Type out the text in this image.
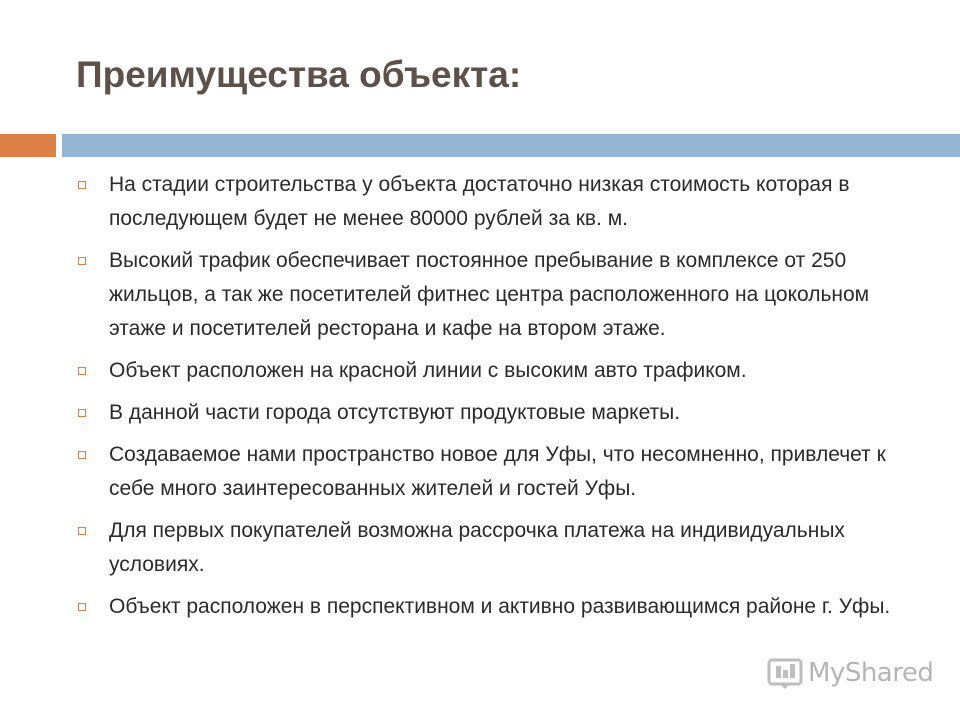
Преимущества объекта:
На стадии строительства у объекта достаточно низкая стоимость которая в последующем будет не менее 80000 рублей за кв. м.
Высокий трафик обеспечивает постоянное пребывание в комплексе от 250 жильцов, а так же посетителей фитнес центра расположенного на цокольном этаже и посетителей ресторана и кафе на втором этаже.
Объект расположен на красной линии с высоким авто трафиком.
В данной части города отсутствуют продуктовые маркеты.
Создаваемое нами пространство новое для Уфы, что несомненно, привлечет к себе много заинтересованных жителей и гостей Уфы.
Для первых покупателей возможна рассрочка платежа на индивидуальных условиях.
Объект расположен в перспективном и активно развивающимся районе г. Уфы.
MyShared
